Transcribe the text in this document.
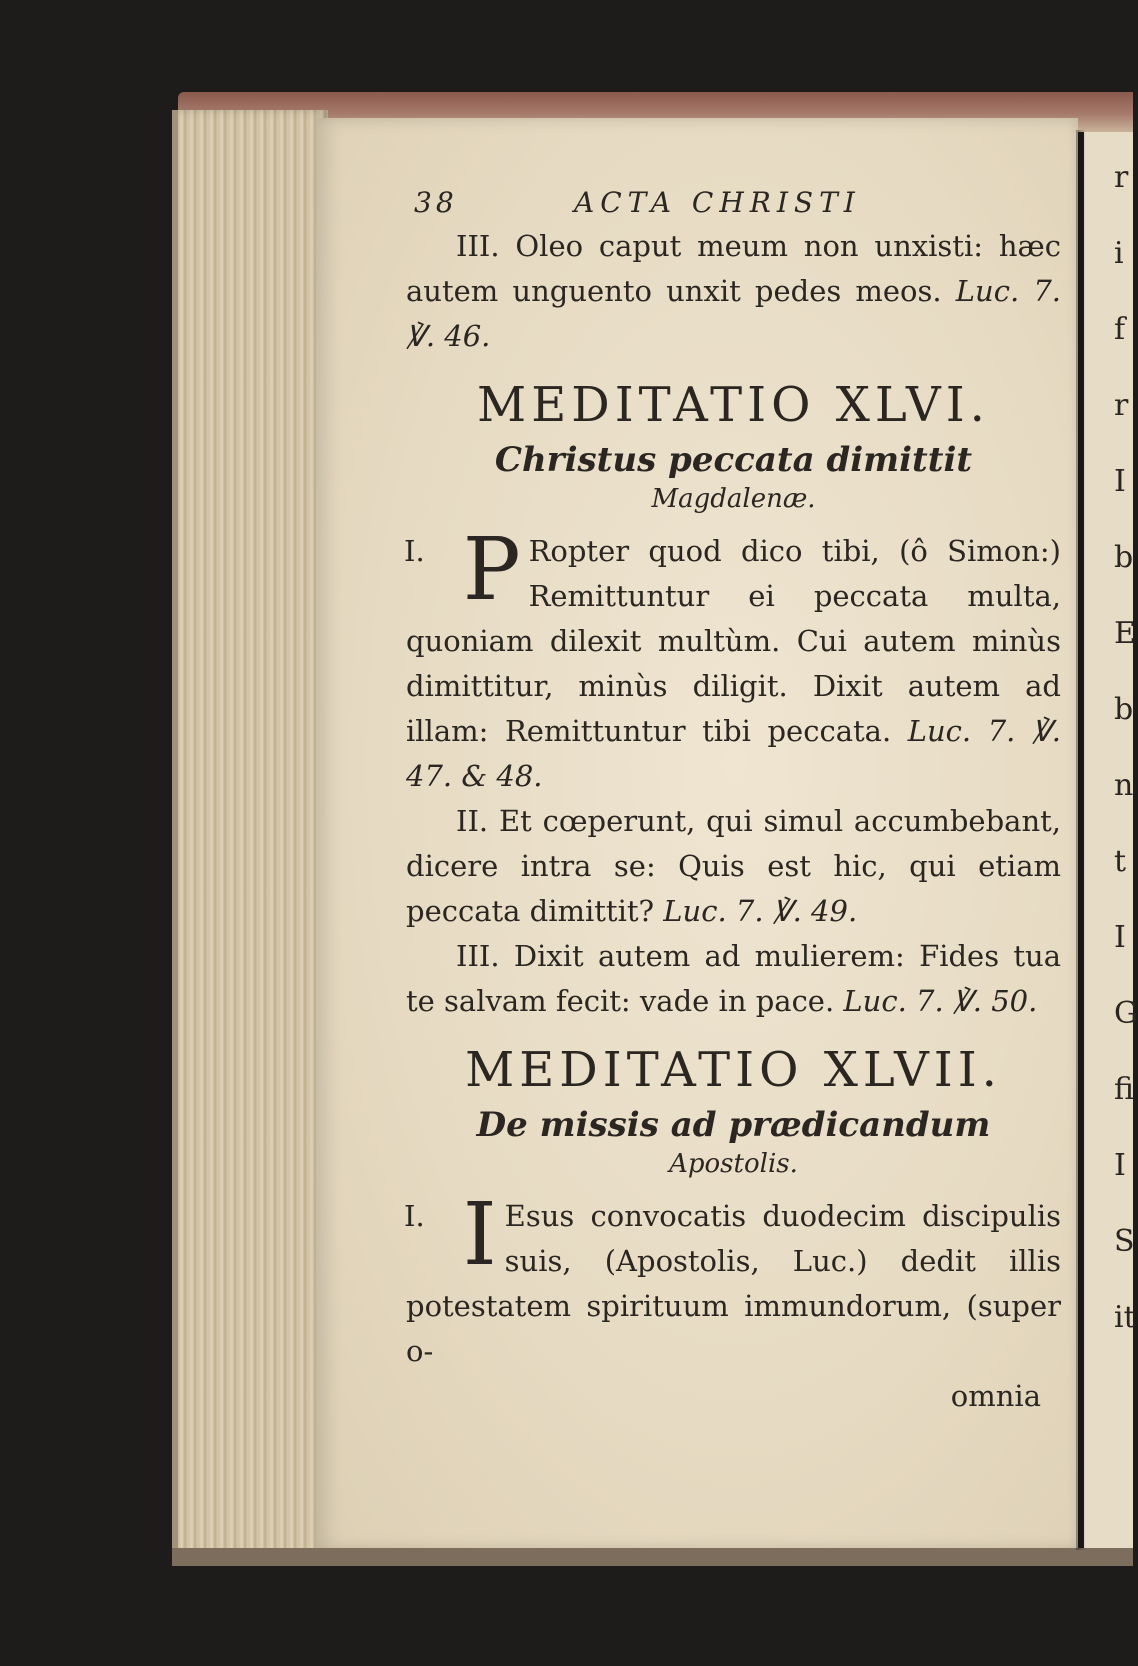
r
i
f
r
I
b
E
b
n
t
I
G
fi
I
S
it
38	ACTA CHRISTI
III. Oleo caput meum non unxisti: hæc autem unguento unxit pedes meos. Luc. 7. ℣. 46.
MEDITATIO XLVI.
Christus peccata dimittit
Magdalenæ.
I. P Ropter quod dico tibi, (ô Simon:) Remittuntur ei peccata multa, quoniam dilexit multùm. Cui autem minùs dimittitur, minùs diligit. Dixit autem ad illam: Remittuntur tibi peccata. Luc. 7. ℣. 47. & 48.
II. Et cœperunt, qui simul accumbebant, dicere intra se: Quis est hic, qui etiam peccata dimittit? Luc. 7. ℣. 49.
III. Dixit autem ad mulierem: Fides tua te salvam fecit: vade in pace. Luc. 7. ℣. 50.
MEDITATIO XLVII.
De missis ad prædicandum
Apostolis.
I. I Esus convocatis duodecim discipulis suis, (Apostolis, Luc.) dedit illis potestatem spirituum immundorum, (super o-
omnia
